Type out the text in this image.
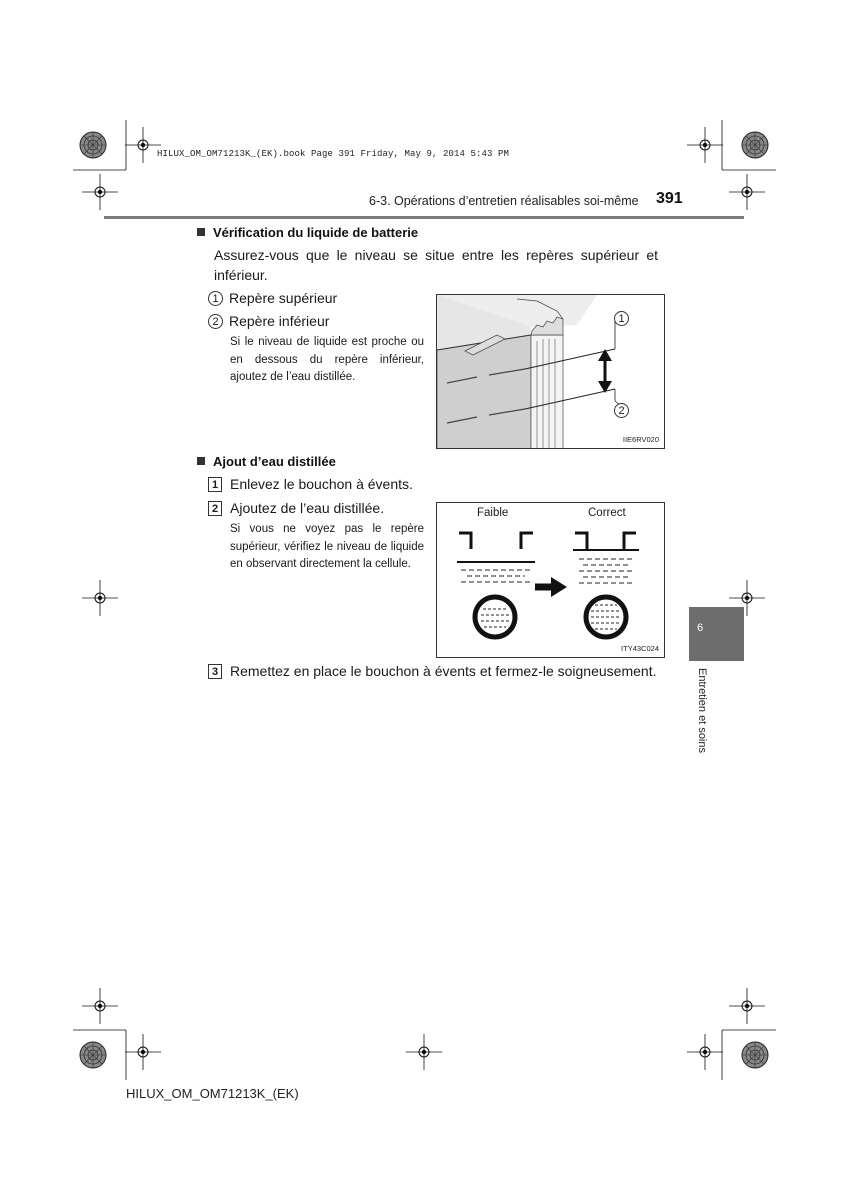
HILUX_OM_OM71213K_(EK).book Page 391 Friday, May 9, 2014 5:43 PM
6-3. Opérations d’entretien réalisables soi-même 391
Vérification du liquide de batterie
Assurez-vous que le niveau se situe entre les repères supérieur et inférieur.
1 Repère supérieur
2 Repère inférieur
Si le niveau de liquide est proche ou en dessous du repère inférieur, ajoutez de l’eau distillée.
1
2
IIE6RV020
Ajout d’eau distillée
1 Enlevez le bouchon à évents.
2 Ajoutez de l’eau distillée.
Si vous ne voyez pas le repère supérieur, vérifiez le niveau de liquide en observant directement la cellule.
Faible	Correct
ITY43C024
3 Remettez en place le bouchon à évents et fermez-le soigneusement.
6
Entretien et soins
HILUX_OM_OM71213K_(EK)
